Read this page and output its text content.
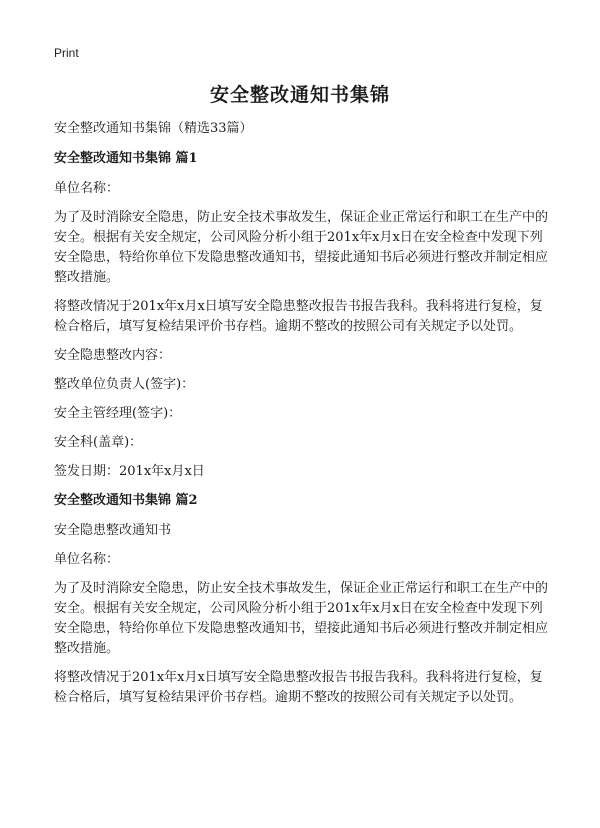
Print
安全整改通知书集锦

安全整改通知书集锦（精选33篇）

安全整改通知书集锦 篇1

单位名称：

为了及时消除安全隐患，防止安全技术事故发生，保证企业正常运行和职工在生产中的安全。根据有关安全规定，公司风险分析小组于201x年x月x日在安全检查中发现下列安全隐患，特给你单位下发隐患整改通知书，望接此通知书后必须进行整改并制定相应整改措施。

将整改情况于201x年x月x日填写安全隐患整改报告书报告我科。我科将进行复检，复检合格后，填写复检结果评价书存档。逾期不整改的按照公司有关规定予以处罚。

安全隐患整改内容：

整改单位负责人(签字)：

安全主管经理(签字)：

安全科(盖章)：

签发日期：201x年x月x日

安全整改通知书集锦 篇2

安全隐患整改通知书

单位名称：

为了及时消除安全隐患，防止安全技术事故发生，保证企业正常运行和职工在生产中的安全。根据有关安全规定，公司风险分析小组于201x年x月x日在安全检查中发现下列安全隐患，特给你单位下发隐患整改通知书，望接此通知书后必须进行整改并制定相应整改措施。

将整改情况于201x年x月x日填写安全隐患整改报告书报告我科。我科将进行复检，复检合格后，填写复检结果评价书存档。逾期不整改的按照公司有关规定予以处罚。
